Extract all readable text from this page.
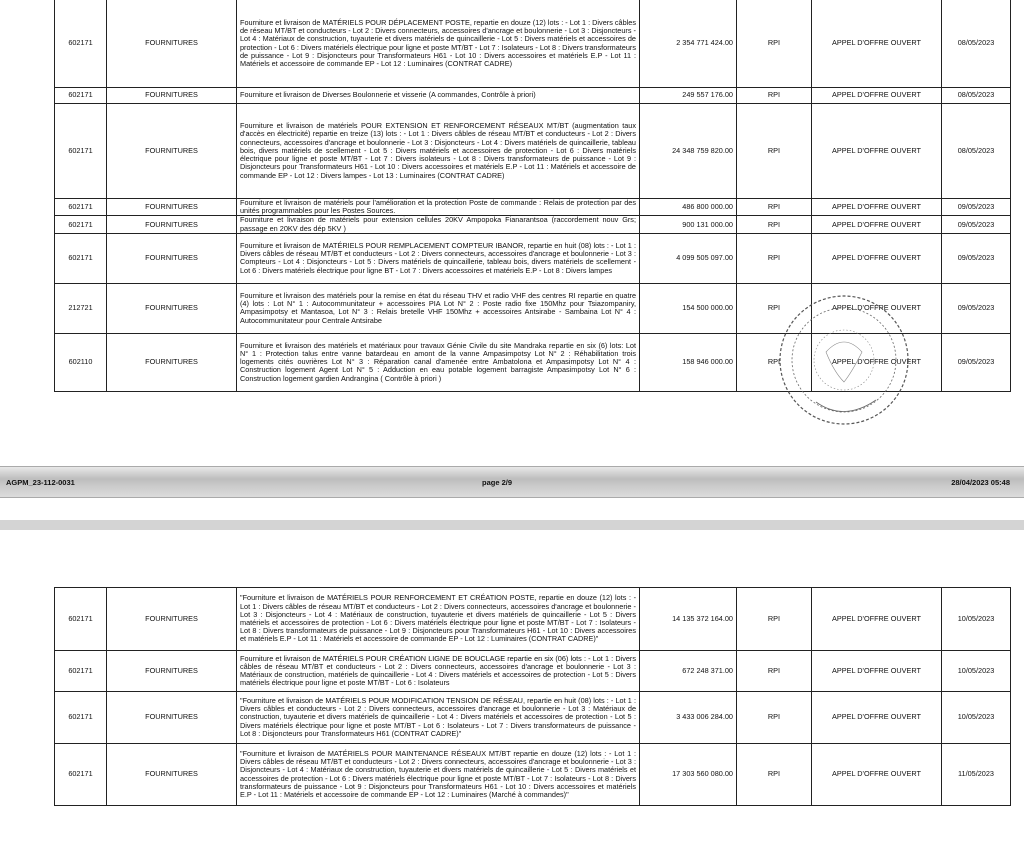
602171	FOURNITURES	Fourniture et livraison de MATÉRIELS POUR DÉPLACEMENT POSTE, repartie en douze (12) lots : - Lot 1 : Divers câbles de réseau MT/BT et conducteurs - Lot 2 : Divers connecteurs, accessoires d'ancrage et boulonnerie - Lot 3 : Disjoncteurs - Lot 4 : Matériaux de construction, tuyauterie et divers matériels de quincaillerie - Lot 5 : Divers matériels et accessoires de protection - Lot 6 : Divers matériels électrique pour ligne et poste MT/BT - Lot 7 : Isolateurs - Lot 8 : Divers transformateurs de puissance - Lot 9 : Disjoncteurs pour Transformateurs H61 - Lot 10 : Divers accessoires et matériels E.P - Lot 11 : Matériels et accessoire de commande EP - Lot 12 : Luminaires (CONTRAT CADRE)	2 354 771 424.00	RPI	APPEL D'OFFRE OUVERT	08/05/2023
602171	FOURNITURES	Fourniture et livraison de Diverses Boulonnerie et visserie (A commandes, Contrôle à priori)	249 557 176.00	RPI	APPEL D'OFFRE OUVERT	08/05/2023
602171	FOURNITURES	Fourniture et livraison de matériels POUR EXTENSION ET RENFORCEMENT RÉSEAUX MT/BT (augmentation taux d'accès en électricité) repartie en treize (13) lots : - Lot 1 : Divers câbles de réseau MT/BT et conducteurs - Lot 2 : Divers connecteurs, accessoires d'ancrage et boulonnerie - Lot 3 : Disjoncteurs - Lot 4 : Divers matériels de quincaillerie, tableau bois, divers matériels de scellement - Lot 5 : Divers matériels et accessoires de protection - Lot 6 : Divers matériels électrique pour ligne et poste MT/BT - Lot 7 : Divers isolateurs - Lot 8 : Divers transformateurs de puissance - Lot 9 : Disjoncteurs pour Transformateurs H61 - Lot 10 : Divers accessoires et matériels E.P - Lot 11 : Matériels et accessoire de commande EP - Lot 12 : Divers lampes - Lot 13 : Luminaires (CONTRAT CADRE)	24 348 759 820.00	RPI	APPEL D'OFFRE OUVERT	08/05/2023
602171	FOURNITURES	Fourniture et livraison de matériels pour l'amélioration et la protection Poste de commande : Relais de protection par des unités programmables pour les Postes Sources.	486 800 000.00	RPI	APPEL D'OFFRE OUVERT	09/05/2023
602171	FOURNITURES	Fourniture et livraison de matériels pour extension cellules 20KV Ampopoka Fianarantsoa (raccordement nouv Grs; passage en 20KV des dép 5KV )	900 131 000.00	RPI	APPEL D'OFFRE OUVERT	09/05/2023
602171	FOURNITURES	Fourniture et livraison de MATÉRIELS POUR REMPLACEMENT COMPTEUR IBANOR, repartie en huit (08) lots : - Lot 1 : Divers câbles de réseau MT/BT et conducteurs - Lot 2 : Divers connecteurs, accessoires d'ancrage et boulonnerie - Lot 3 : Compteurs - Lot 4 : Disjoncteurs - Lot 5 : Divers matériels de quincaillerie, tableau bois, divers matériels de scellement - Lot 6 : Divers matériels électrique pour ligne BT - Lot 7 : Divers accessoires et matériels E.P - Lot 8 : Divers lampes	4 099 505 097.00	RPI	APPEL D'OFFRE OUVERT	09/05/2023
212721	FOURNITURES	Fourniture et livraison des matériels pour la remise en état du réseau THV et radio VHF des centres RI repartie en quatre (4) lots : Lot N° 1 : Autocommunitateur + accessoires PIA Lot N° 2 : Poste radio fixe 150Mhz pour Tsiazompaniry, Ampasimpotsy et Mantasoa, Lot N° 3 : Relais bretelle VHF 150Mhz + accessoires Antsirabe - Sambaina Lot N° 4 : Autocommunitateur pour Centrale Antsirabe	154 500 000.00	RPI	APPEL D'OFFRE OUVERT	09/05/2023
602110	FOURNITURES	Fourniture et livraison des matériels et matériaux pour travaux Génie Civile du site Mandraka repartie en six (6) lots: Lot N° 1 : Protection talus entre vanne batardeau en amont de la vanne Ampasimpotsy Lot N° 2 : Réhabilitation trois logements cités ouvrières Lot N° 3 : Réparation canal d'amenée entre Ambatolona et Ampasimpotsy Lot N° 4 : Construction logement Agent Lot N° 5 : Adduction en eau potable logement barragiste Ampasimpotsy Lot N° 6 : Construction logement gardien Andrangina ( Contrôle à priori )	158 946 000.00	RPI	APPEL D'OFFRE OUVERT	09/05/2023
AGPM_23-112-0031	page 2/9	28/04/2023 05:48
602171	FOURNITURES	"Fourniture et livraison de MATÉRIELS POUR RENFORCEMENT ET CRÉATION POSTE, repartie en douze (12) lots : - Lot 1 : Divers câbles de réseau MT/BT et conducteurs - Lot 2 : Divers connecteurs, accessoires d'ancrage et boulonnerie - Lot 3 : Disjoncteurs - Lot 4 : Matériaux de construction, tuyauterie et divers matériels de quincaillerie - Lot 5 : Divers matériels et accessoires de protection - Lot 6 : Divers matériels électrique pour ligne et poste MT/BT - Lot 7 : Isolateurs - Lot 8 : Divers transformateurs de puissance - Lot 9 : Disjoncteurs pour Transformateurs H61 - Lot 10 : Divers accessoires et matériels E.P - Lot 11 : Matériels et accessoire de commande EP - Lot 12 : Luminaires (CONTRAT CADRE)"	14 135 372 164.00	RPI	APPEL D'OFFRE OUVERT	10/05/2023
602171	FOURNITURES	Fourniture et livraison de MATÉRIELS POUR CRÉATION LIGNE DE BOUCLAGE repartie en six (06) lots : - Lot 1 : Divers câbles de réseau MT/BT et conducteurs - Lot 2 : Divers connecteurs, accessoires d'ancrage et boulonnerie - Lot 3 : Matériaux de construction, matériels de quincaillerie - Lot 4 : Divers matériels et accessoires de protection - Lot 5 : Divers matériels électrique pour ligne et poste MT/BT - Lot 6 : Isolateurs	672 248 371.00	RPI	APPEL D'OFFRE OUVERT	10/05/2023
602171	FOURNITURES	"Fourniture et livraison de MATÉRIELS POUR MODIFICATION TENSION DE RÉSEAU, repartie en huit (08) lots : - Lot 1 : Divers câbles et conducteurs - Lot 2 : Divers connecteurs, accessoires d'ancrage et boulonnerie - Lot 3 : Matériaux de construction, tuyauterie et divers matériels de quincaillerie - Lot 4 : Divers matériels et accessoires de protection - Lot 5 : Divers matériels électrique pour ligne et poste MT/BT - Lot 6 : Isolateurs - Lot 7 : Divers transformateurs de puissance - Lot 8 : Disjoncteurs pour Transformateurs H61 (CONTRAT CADRE)"	3 433 006 284.00	RPI	APPEL D'OFFRE OUVERT	10/05/2023
602171	FOURNITURES	"Fourniture et livraison de MATÉRIELS POUR MAINTENANCE RÉSEAUX MT/BT repartie en douze (12) lots : - Lot 1 : Divers câbles de réseau MT/BT et conducteurs - Lot 2 : Divers connecteurs, accessoires d'ancrage et boulonnerie - Lot 3 : Disjoncteurs - Lot 4 : Matériaux de construction, tuyauterie et divers matériels de quincaillerie - Lot 5 : Divers matériels et accessoires de protection - Lot 6 : Divers matériels électrique pour ligne et poste MT/BT - Lot 7 : Isolateurs - Lot 8 : Divers transformateurs de puissance - Lot 9 : Disjoncteurs pour Transformateurs H61 - Lot 10 : Divers accessoires et matériels E.P - Lot 11 : Matériels et accessoire de commande EP - Lot 12 : Luminaires (Marché à commandes)"	17 303 560 080.00	RPI	APPEL D'OFFRE OUVERT	11/05/2023
